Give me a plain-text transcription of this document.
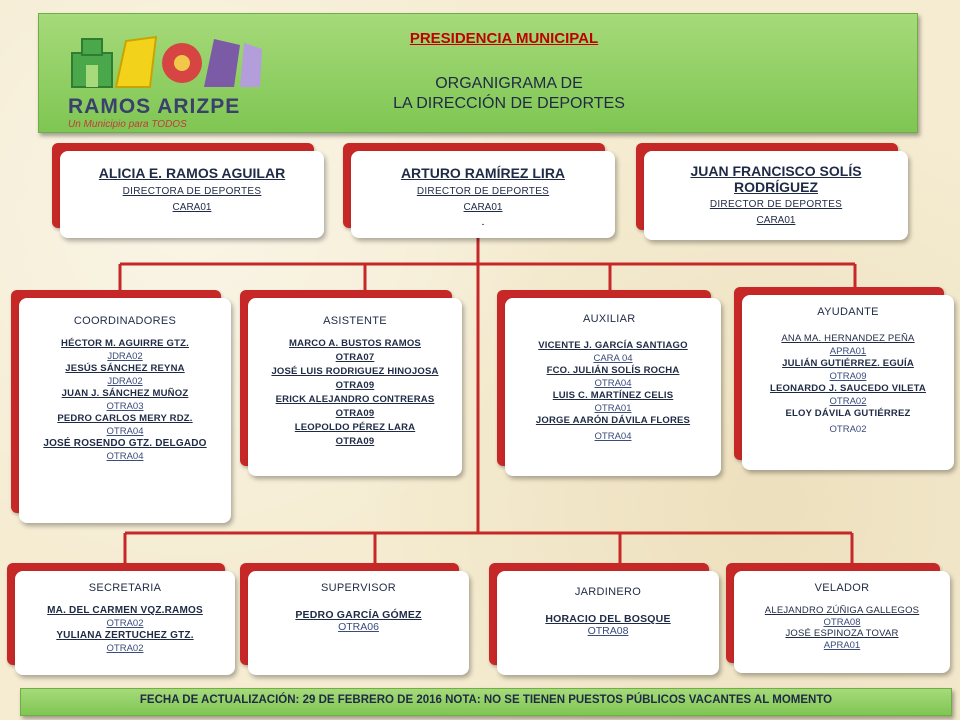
RAMOS ARIZPE
Un Municipio para TODOS
PRESIDENCIA MUNICIPAL
ORGANIGRAMA DE
LA DIRECCIÓN DE DEPORTES
ALICIA E. RAMOS AGUILAR
DIRECTORA DE DEPORTES
CARA01
ARTURO RAMÍREZ LIRA
DIRECTOR DE DEPORTES
CARA01
-
JUAN FRANCISCO SOLÍS RODRÍGUEZ
DIRECTOR DE DEPORTES
CARA01
COORDINADORES
HÉCTOR M. AGUIRRE GTZ.
JDRA02
JESÚS SÁNCHEZ REYNA
JDRA02
JUAN J. SÁNCHEZ MUÑOZ
OTRA03
PEDRO CARLOS MERY RDZ.
OTRA04
JOSÉ ROSENDO GTZ. DELGADO
OTRA04
ASISTENTE
MARCO A. BUSTOS RAMOS
OTRA07
JOSÉ LUIS RODRIGUEZ HINOJOSA
OTRA09
ERICK ALEJANDRO CONTRERAS
OTRA09
LEOPOLDO PÉREZ LARA
OTRA09
AUXILIAR
VICENTE J. GARCÍA SANTIAGO
CARA 04
FCO. JULIÁN SOLÍS ROCHA
OTRA04
LUIS C. MARTÍNEZ CELIS
OTRA01
JORGE AARÓN DÁVILA FLORES
OTRA04
AYUDANTE
ANA MA. HERNANDEZ PEÑA
APRA01
JULIÁN GUTIÉRREZ. EGUÍA
OTRA09
LEONARDO J. SAUCEDO VILETA
OTRA02
ELOY DÁVILA GUTIÉRREZ
OTRA02
SECRETARIA
MA. DEL CARMEN VQZ.RAMOS
OTRA02
YULIANA ZERTUCHEZ GTZ.
OTRA02
SUPERVISOR
PEDRO GARCÍA GÓMEZ
OTRA06
JARDINERO
HORACIO DEL BOSQUE
OTRA08
VELADOR
ALEJANDRO ZÚÑIGA GALLEGOS
OTRA08
JOSÉ ESPINOZA TOVAR
APRA01
FECHA DE ACTUALIZACIÓN: 29 DE FEBRERO DE 2016 NOTA: NO SE TIENEN PUESTOS PÚBLICOS VACANTES AL MOMENTO
